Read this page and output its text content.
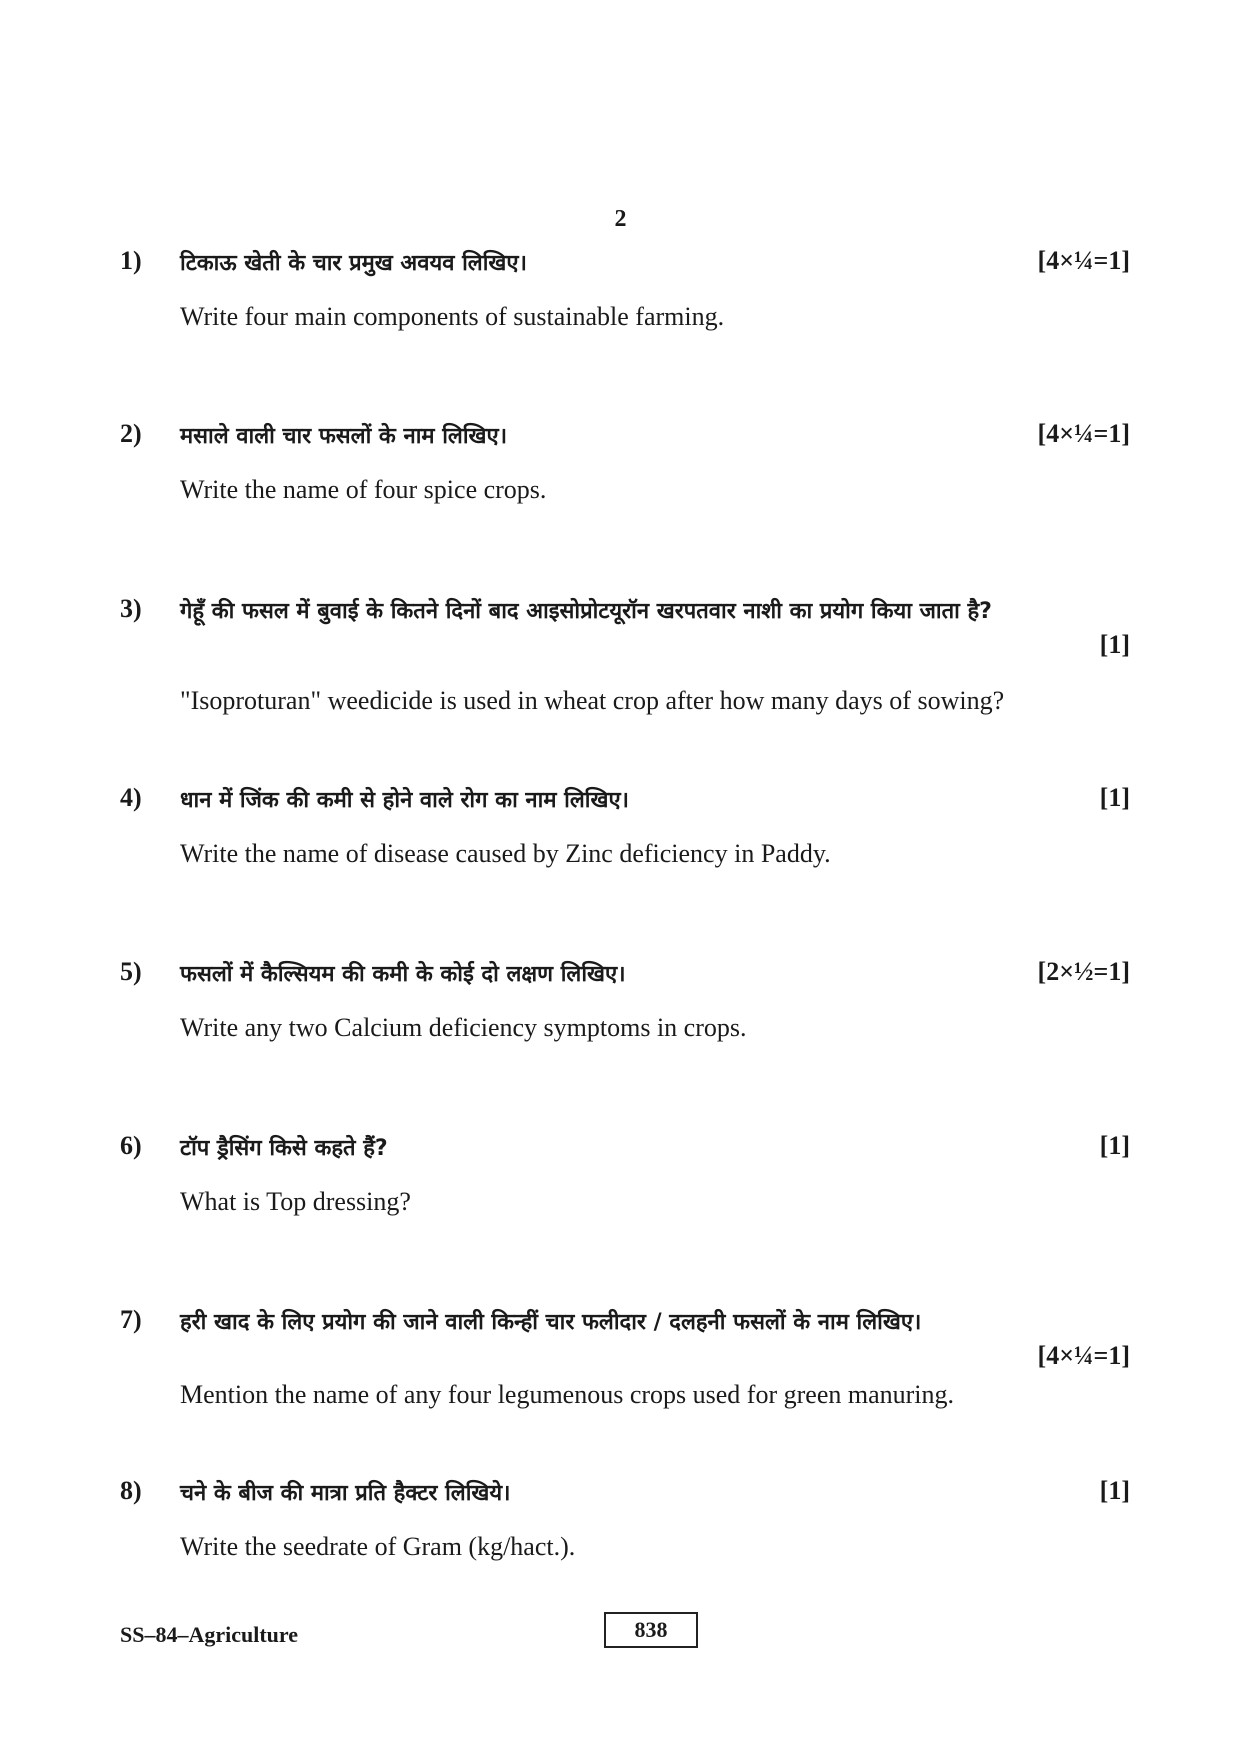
2
1) टिकाऊ खेती के चार प्रमुख अवयव लिखिए।	[4×¼=1]
Write four main components of sustainable farming.
2) मसाले वाली चार फसलों के नाम लिखिए।	[4×¼=1]
Write the name of four spice crops.
3) गेहूँ की फसल में बुवाई के कितने दिनों बाद आइसोप्रोटयूरॉन खरपतवार नाशी का प्रयोग किया जाता है?
[1]
"Isoproturan" weedicide is used in wheat crop after how many days of sowing?
4) धान में जिंक की कमी से होने वाले रोग का नाम लिखिए।	[1]
Write the name of disease caused by Zinc deficiency in Paddy.
5) फसलों में कैल्सियम की कमी के कोई दो लक्षण लिखिए।	[2×½=1]
Write any two Calcium deficiency symptoms in crops.
6) टॉप ड्रैसिंग किसे कहते हैं?	[1]
What is Top dressing?
7) हरी खाद के लिए प्रयोग की जाने वाली किन्हीं चार फलीदार / दलहनी फसलों के नाम लिखिए।
[4×¼=1]
Mention the name of any four legumenous crops used for green manuring.
8) चने के बीज की मात्रा प्रति हैक्टर लिखिये।	[1]
Write the seedrate of Gram (kg/hact.).
SS–84–Agriculture	838
